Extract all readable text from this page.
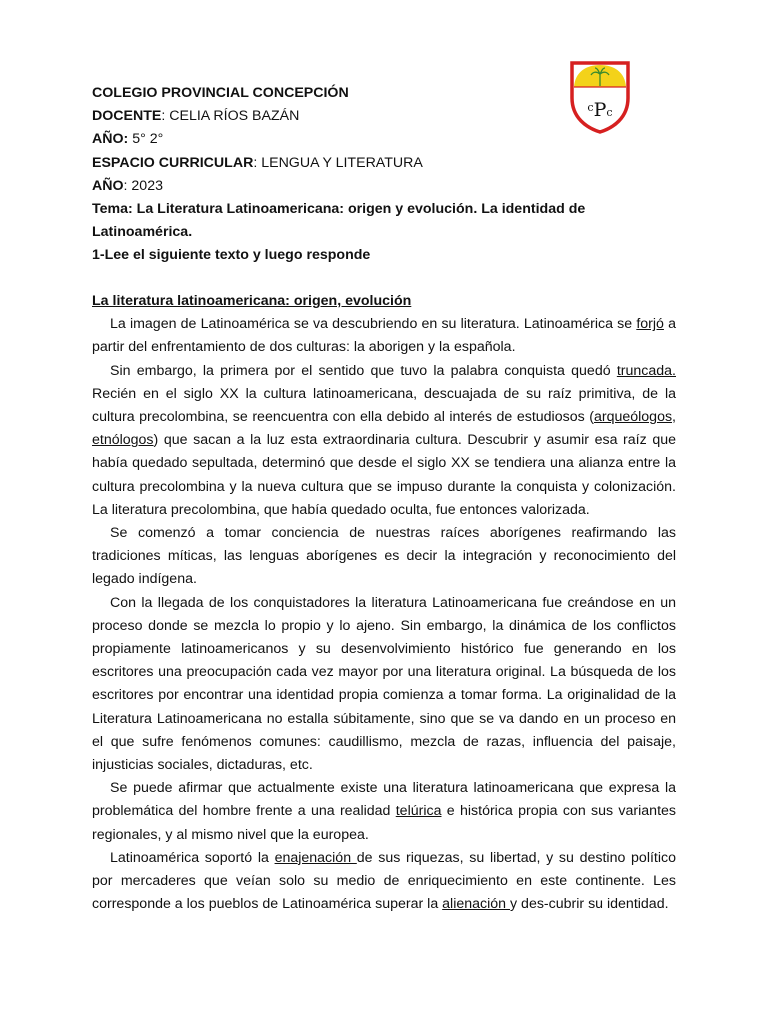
COLEGIO PROVINCIAL CONCEPCIÓN
DOCENTE: CELIA RÍOS BAZÁN
AÑO: 5° 2°
ESPACIO CURRICULAR: LENGUA Y LITERATURA
AÑO: 2023
Tema: La Literatura Latinoamericana: origen y evolución. La identidad de
Latinoamérica.
1-Lee el siguiente texto y luego responde
$^c$Pc

La literatura latinoamericana: origen, evolución

La imagen de Latinoamérica se va descubriendo en su literatura. Latinoamérica se forjó a partir del enfrentamiento de dos culturas: la aborigen y la española.

Sin embargo, la primera por el sentido que tuvo la palabra conquista quedó truncada. Recién en el siglo XX la cultura latinoamericana, descuajada de su raíz primitiva, de la cultura precolombina, se reencuentra con ella debido al interés de estudiosos (arqueólogos, etnólogos) que sacan a la luz esta extraordinaria cultura. Descubrir y asumir esa raíz que había quedado sepultada, determinó que desde el siglo XX se tendiera una alianza entre la cultura precolombina y la nueva cultura que se impuso durante la conquista y colonización. La literatura precolombina, que había quedado oculta, fue entonces valorizada.

Se comenzó a tomar conciencia de nuestras raíces aborígenes reafirmando las tradiciones míticas, las lenguas aborígenes es decir la integración y reconocimiento del legado indígena.

Con la llegada de los conquistadores la literatura Latinoamericana fue creándose en un proceso donde se mezcla lo propio y lo ajeno. Sin embargo, la dinámica de los conflictos propiamente latinoamericanos y su desenvolvimiento histórico fue generando en los escritores una preocupación cada vez mayor por una literatura original. La búsqueda de los escritores por encontrar una identidad propia comienza a tomar forma. La originalidad de la Literatura Latinoamericana no estalla súbitamente, sino que se va dando en un proceso en el que sufre fenómenos comunes: caudillismo, mezcla de razas, influencia del paisaje, injusticias sociales, dictaduras, etc.

Se puede afirmar que actualmente existe una literatura latinoamericana que expresa la problemática del hombre frente a una realidad telúrica e histórica propia con sus variantes regionales, y al mismo nivel que la europea.

Latinoamérica soportó la enajenación de sus riquezas, su libertad, y su destino político por mercaderes que veían solo su medio de enriquecimiento en este continente. Les corresponde a los pueblos de Latinoamérica superar la alienación y des-cubrir su identidad.
